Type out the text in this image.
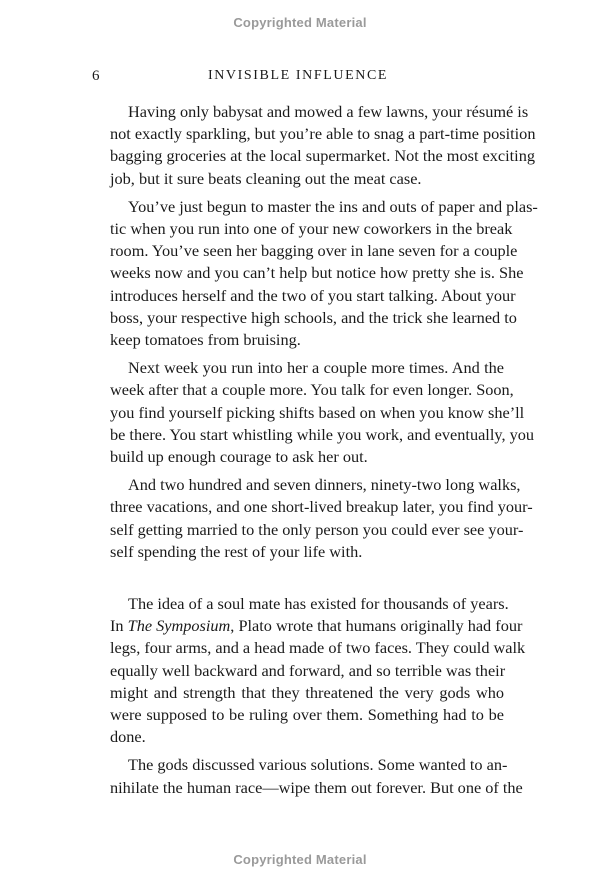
Copyrighted Material
6	INVISIBLE INFLUENCE

Having only babysat and mowed a few lawns, your résumé is
not exactly sparkling, but you’re able to snag a part-time position
bagging groceries at the local supermarket. Not the most exciting
job, but it sure beats cleaning out the meat case.

You’ve just begun to master the ins and outs of paper and plas-
tic when you run into one of your new coworkers in the break
room. You’ve seen her bagging over in lane seven for a couple
weeks now and you can’t help but notice how pretty she is. She
introduces herself and the two of you start talking. About your
boss, your respective high schools, and the trick she learned to
keep tomatoes from bruising.

Next week you run into her a couple more times. And the
week after that a couple more. You talk for even longer. Soon,
you find yourself picking shifts based on when you know she’ll
be there. You start whistling while you work, and eventually, you
build up enough courage to ask her out.

And two hundred and seven dinners, ninety-two long walks,
three vacations, and one short-lived breakup later, you find your-
self getting married to the only person you could ever see your-
self spending the rest of your life with.

The idea of a soul mate has existed for thousands of years.
In The Symposium, Plato wrote that humans originally had four
legs, four arms, and a head made of two faces. They could walk
equally well backward and forward, and so terrible was their
might and strength that they threatened the very gods who
were supposed to be ruling over them. Something had to be
done.

The gods discussed various solutions. Some wanted to an-
nihilate the human race—wipe them out forever. But one of the

Copyrighted Material
